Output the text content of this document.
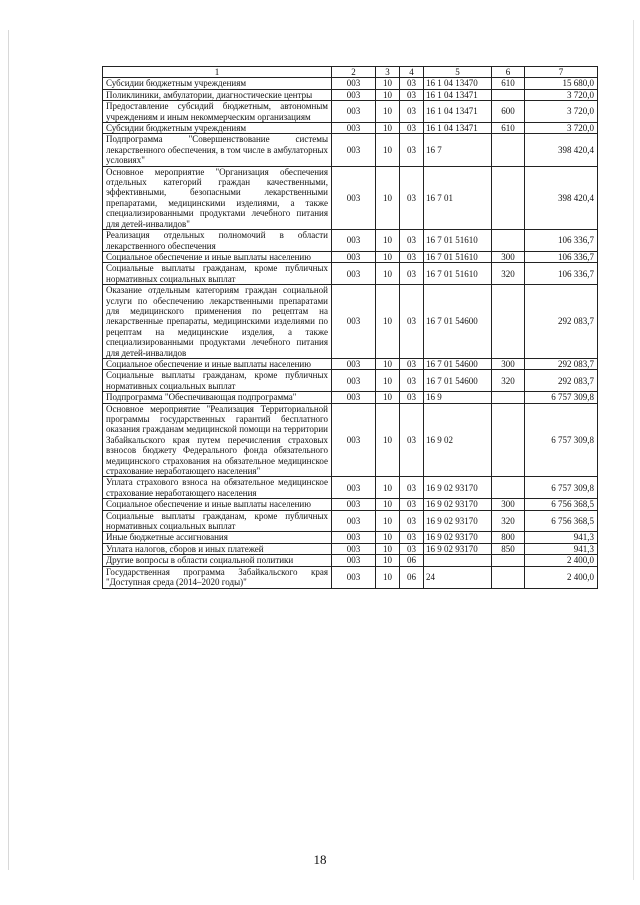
1	2	3	4	5	6	7
Субсидии бюджетным учреждениям	003	10	03	16 1 04 13470	610	15 680,0
Поликлиники, амбулатории, диагностические центры	003	10	03	16 1 04 13471		3 720,0
Предоставление субсидий бюджетным, автономным учреждениям и иным некоммерческим организациям	003	10	03	16 1 04 13471	600	3 720,0
Субсидии бюджетным учреждениям	003	10	03	16 1 04 13471	610	3 720,0
Подпрограмма "Совершенствование системы лекарственного обеспечения, в том числе в амбулаторных условиях"	003	10	03	16 7		398 420,4
Основное мероприятие "Организация обеспечения отдельных категорий граждан качественными, эффективными, безопасными лекарственными препаратами, медицинскими изделиями, а также специализированными продуктами лечебного питания для детей-инвалидов"	003	10	03	16 7 01		398 420,4
Реализация отдельных полномочий в области лекарственного обеспечения	003	10	03	16 7 01 51610		106 336,7
Социальное обеспечение и иные выплаты населению	003	10	03	16 7 01 51610	300	106 336,7
Социальные выплаты гражданам, кроме публичных нормативных социальных выплат	003	10	03	16 7 01 51610	320	106 336,7
Оказание отдельным категориям граждан социальной услуги по обеспечению лекарственными препаратами для медицинского применения по рецептам на лекарственные препараты, медицинскими изделиями по рецептам на медицинские изделия, а также специализированными продуктами лечебного питания для детей-инвалидов	003	10	03	16 7 01 54600		292 083,7
Социальное обеспечение и иные выплаты населению	003	10	03	16 7 01 54600	300	292 083,7
Социальные выплаты гражданам, кроме публичных нормативных социальных выплат	003	10	03	16 7 01 54600	320	292 083,7
Подпрограмма "Обеспечивающая подпрограмма"	003	10	03	16 9		6 757 309,8
Основное мероприятие "Реализация Территориальной программы государственных гарантий бесплатного оказания гражданам медицинской помощи на территории Забайкальского края путем перечисления страховых взносов бюджету Федерального фонда обязательного медицинского страхования на обязательное медицинское страхование неработающего населения"	003	10	03	16 9 02		6 757 309,8
Уплата страхового взноса на обязательное медицинское страхование неработающего населения	003	10	03	16 9 02 93170		6 757 309,8
Социальное обеспечение и иные выплаты населению	003	10	03	16 9 02 93170	300	6 756 368,5
Социальные выплаты гражданам, кроме публичных нормативных социальных выплат	003	10	03	16 9 02 93170	320	6 756 368,5
Иные бюджетные ассигнования	003	10	03	16 9 02 93170	800	941,3
Уплата налогов, сборов и иных платежей	003	10	03	16 9 02 93170	850	941,3
Другие вопросы в области социальной политики	003	10	06			2 400,0
Государственная программа Забайкальского края "Доступная среда (2014–2020 годы)"	003	10	06	24		2 400,0
18
